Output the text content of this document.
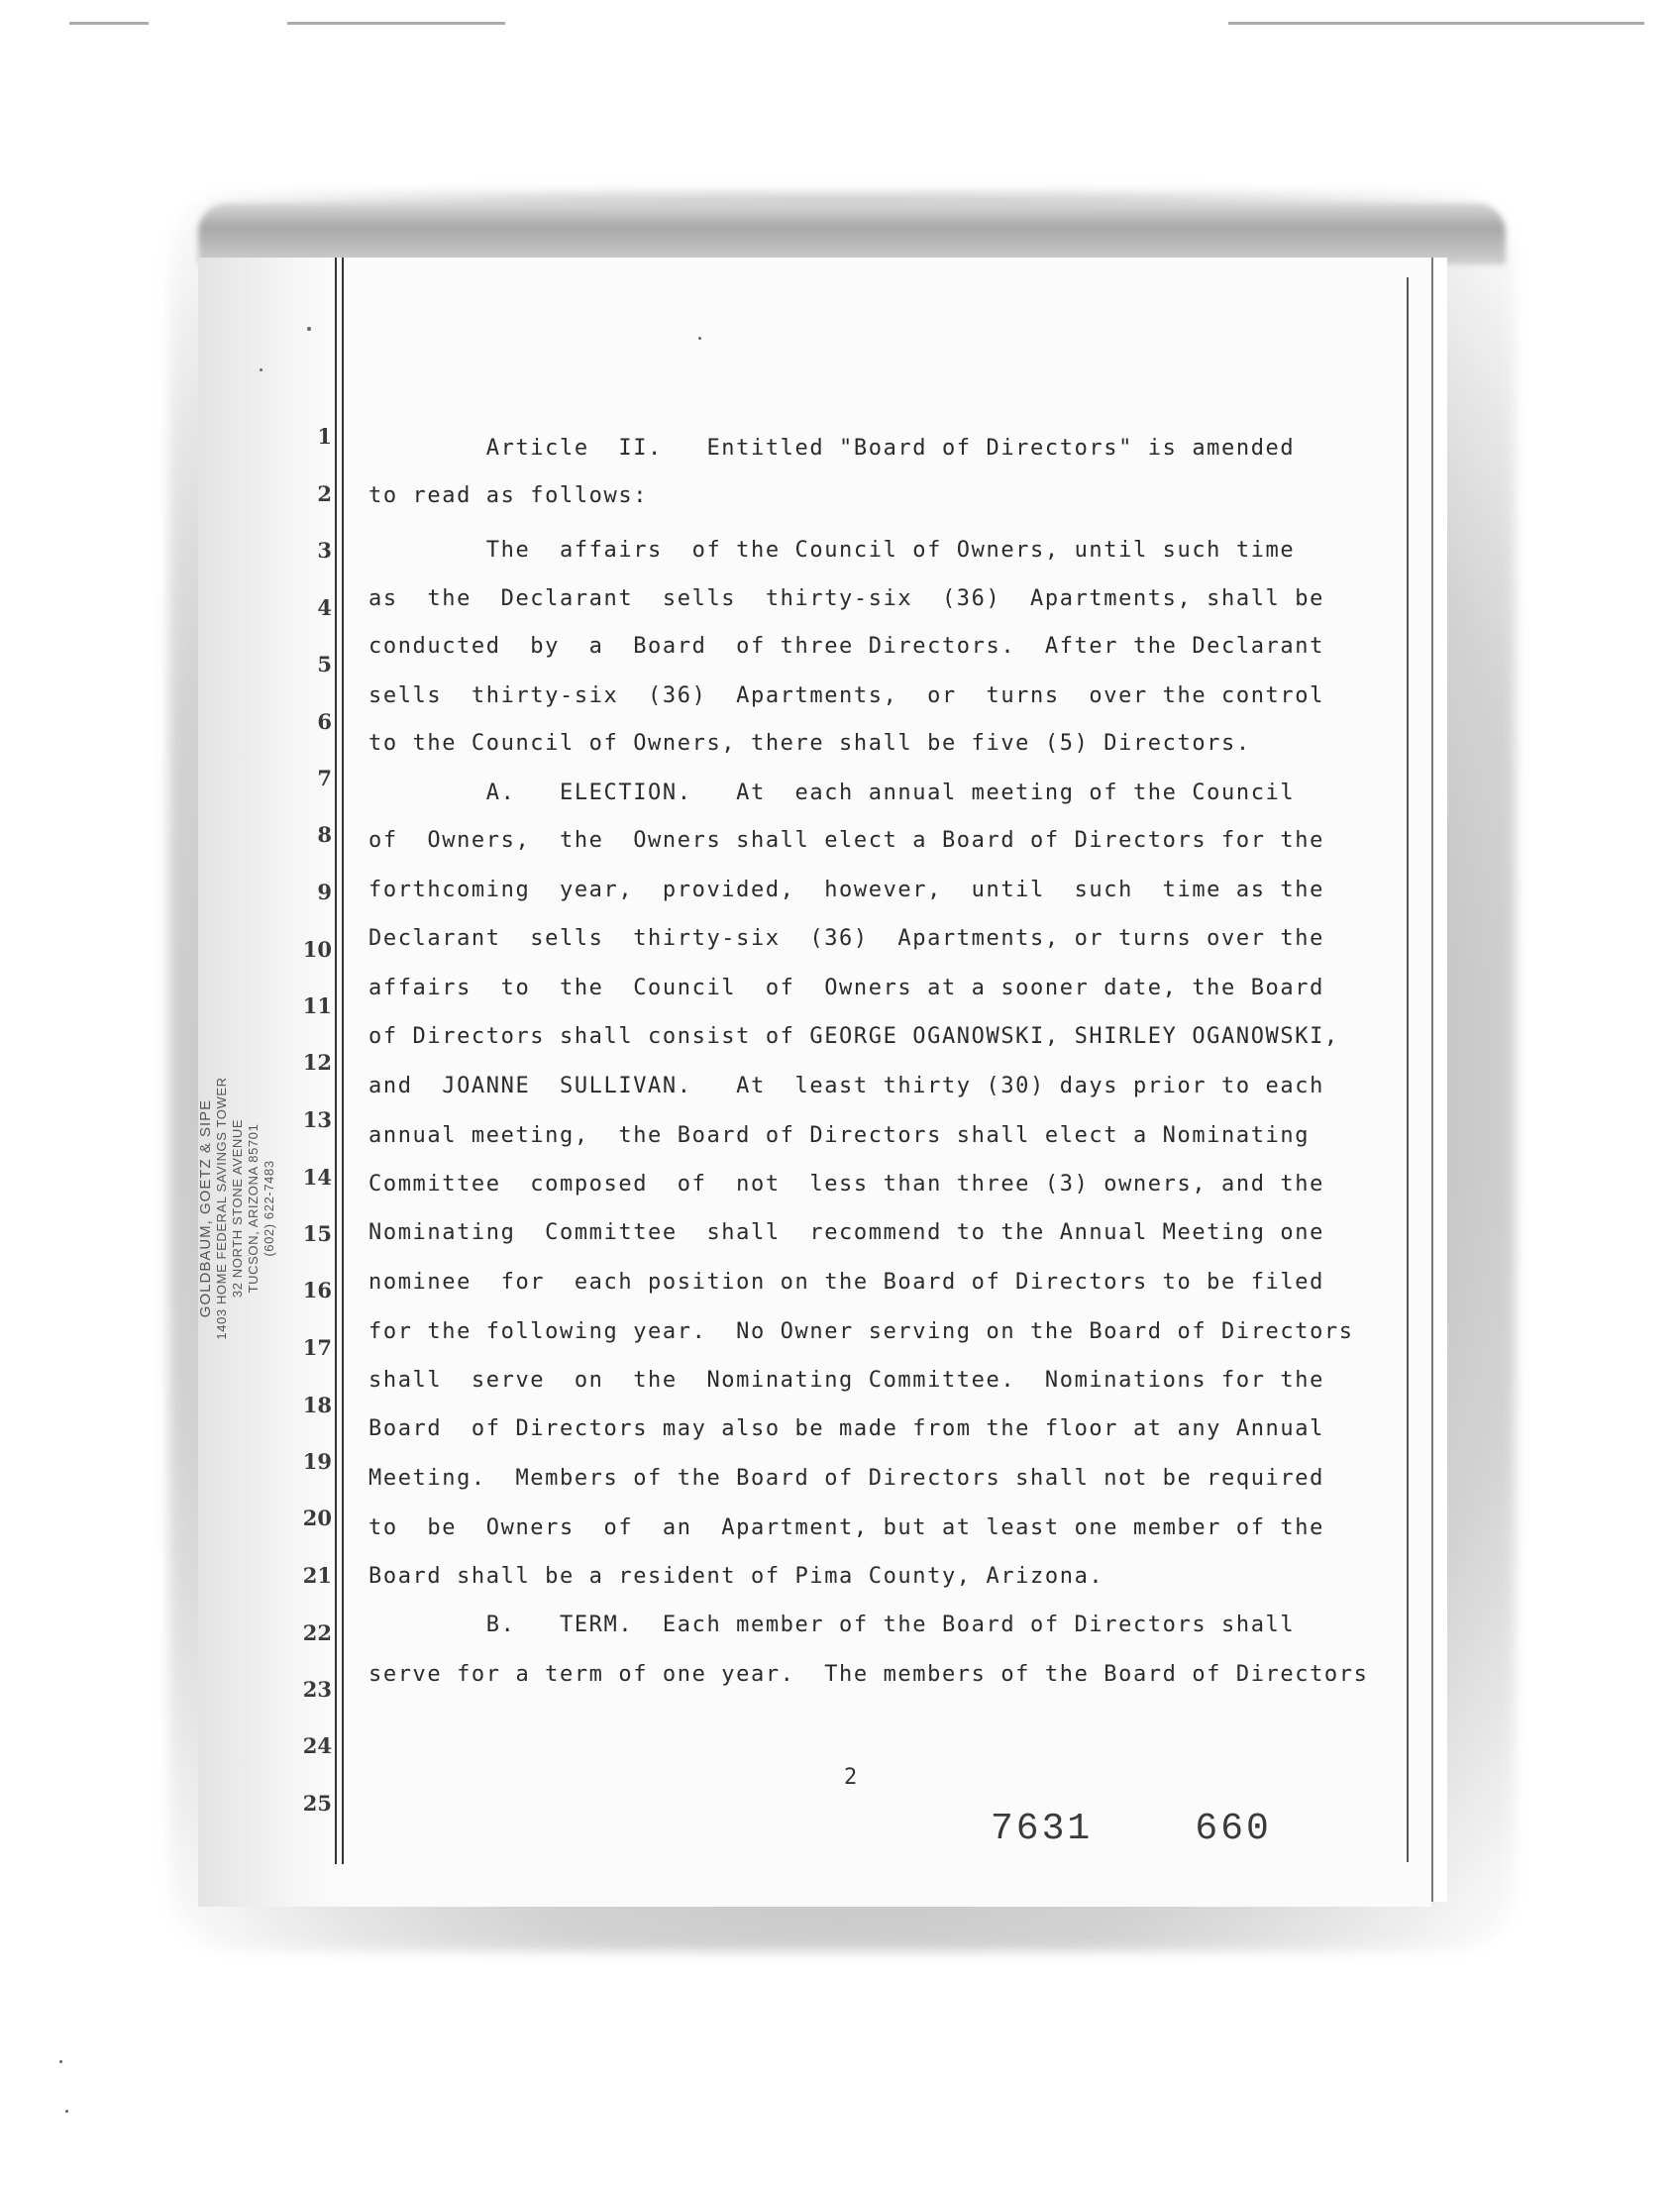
GOLDBAUM, GOETZ & SIPE 1403 HOME FEDERAL SAVINGS TOWER 32 NORTH STONE AVENUE TUCSON, ARIZONA 85701 (602) 622-7483
1
2
3
4
5
6
7
8
9
10
11
12
13
14
15
16
17
18
19
20
21
22
23
24
25
Article  II.   Entitled "Board of Directors" is amended
to read as follows:
The  affairs  of the Council of Owners, until such time
as  the  Declarant  sells  thirty-six  (36)  Apartments, shall be
conducted  by  a  Board  of three Directors.  After the Declarant
sells  thirty-six  (36)  Apartments,  or  turns  over the control
to the Council of Owners, there shall be five (5) Directors.
A.   ELECTION.   At  each annual meeting of the Council
of  Owners,  the  Owners shall elect a Board of Directors for the
forthcoming  year,  provided,  however,  until  such  time as the
Declarant  sells  thirty-six  (36)  Apartments, or turns over the
affairs  to  the  Council  of  Owners at a sooner date, the Board
of Directors shall consist of GEORGE OGANOWSKI, SHIRLEY OGANOWSKI,
and  JOANNE  SULLIVAN.   At  least thirty (30) days prior to each
annual meeting,  the Board of Directors shall elect a Nominating
Committee  composed  of  not  less than three (3) owners, and the
Nominating  Committee  shall  recommend to the Annual Meeting one
nominee  for  each position on the Board of Directors to be filed
for the following year.  No Owner serving on the Board of Directors
shall  serve  on  the  Nominating Committee.  Nominations for the
Board  of Directors may also be made from the floor at any Annual
Meeting.  Members of the Board of Directors shall not be required
to  be  Owners  of  an  Apartment, but at least one member of the
Board shall be a resident of Pima County, Arizona.
B.   TERM.  Each member of the Board of Directors shall
serve for a term of one year.  The members of the Board of Directors
2
7631    660
